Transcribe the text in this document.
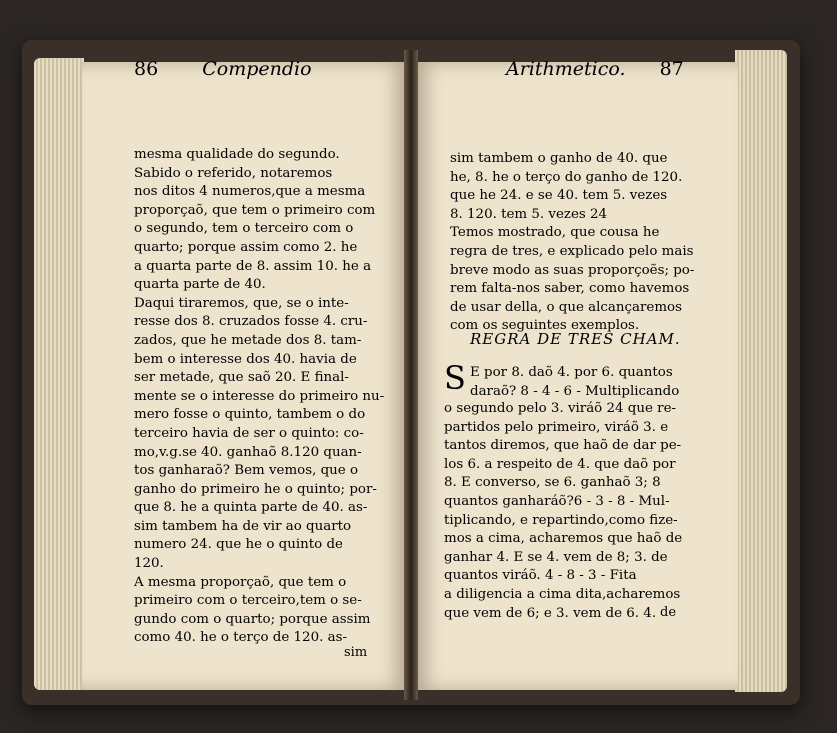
86 Compendio
mesma qualidade do segundo.
Sabido o referido, notaremos
nos ditos 4 numeros,que a mesma
proporçaõ, que tem o primeiro com
o segundo, tem o terceiro com o
quarto; porque assim como 2. he
a quarta parte de 8. assim 10. he a
quarta parte de 40.
Daqui tiraremos, que, se o inte-
resse dos 8. cruzados fosse 4. cru-
zados, que he metade dos 8. tam-
bem o interesse dos 40. havia de
ser metade, que saõ 20. E final-
mente se o interesse do primeiro nu-
mero fosse o quinto, tambem o do
terceiro havia de ser o quinto: co-
mo,v.g.se 40. ganhaõ 8.120 quan-
tos ganharaõ? Bem vemos, que o
ganho do primeiro he o quinto; por-
que 8. he a quinta parte de 40. as-
sim tambem ha de vir ao quarto
numero 24. que he o quinto de
120.
A mesma proporçaõ, que tem o
primeiro com o terceiro,tem o se-
gundo com o quarto; porque assim
como 40. he o terço de 120. as-
sim
Arithmetico. 87
sim tambem o ganho de 40. que
he, 8. he o terço do ganho de 120.
que he 24. e se 40. tem 5. vezes
8. 120. tem 5. vezes 24
Temos mostrado, que cousa he
regra de tres, e explicado pelo mais
breve modo as suas proporçoẽs; po-
rem falta-nos saber, como havemos
de usar della, o que alcançaremos
com os seguintes exemplos.
REGRA DE TRES CHAM.
S E por 8. daõ 4. por 6. quantos
daraõ? 8 - 4 - 6 - Multiplicando
o segundo pelo 3. viráõ 24 que re-
partidos pelo primeiro, viráõ 3. e
tantos diremos, que haõ de dar pe-
los 6. a respeito de 4. que daõ por
8. E converso, se 6. ganhaõ 3; 8
quantos ganharáõ?6 - 3 - 8 - Mul-
tiplicando, e repartindo,como fize-
mos a cima, acharemos que haõ de
ganhar 4. E se 4. vem de 8; 3. de
quantos viráõ. 4 - 8 - 3 - Fita
a diligencia a cima dita,acharemos
que vem de 6; e 3. vem de 6. 4. de
